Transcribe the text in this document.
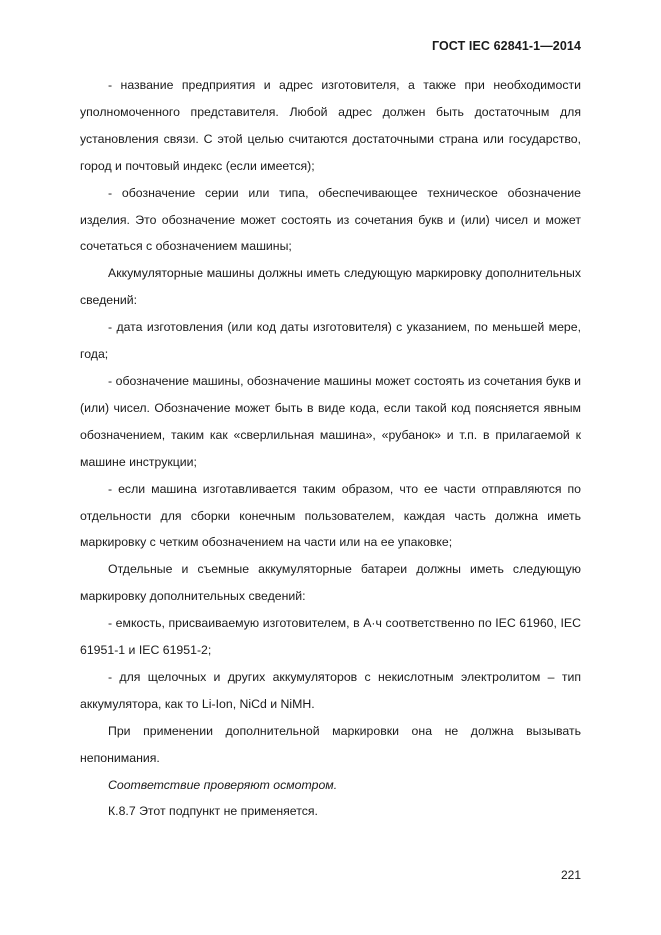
ГОСТ IEC 62841-1—2014

- название предприятия и адрес изготовителя, а также при необходимости уполномоченного представителя. Любой адрес должен быть достаточным для установления связи. С этой целью считаются достаточными страна или государство, город и почтовый индекс (если имеется);

- обозначение серии или типа, обеспечивающее техническое обозначение изделия. Это обозначение может состоять из сочетания букв и (или) чисел и может сочетаться с обозначением машины;

Аккумуляторные машины должны иметь следующую маркировку дополнительных сведений:

- дата изготовления (или код даты изготовителя) с указанием, по меньшей мере, года;

- обозначение машины, обозначение машины может состоять из сочетания букв и (или) чисел. Обозначение может быть в виде кода, если такой код поясняется явным обозначением, таким как «сверлильная машина», «рубанок» и т.п. в прилагаемой к машине инструкции;

- если машина изготавливается таким образом, что ее части отправляются по отдельности для сборки конечным пользователем, каждая часть должна иметь маркировку с четким обозначением на части или на ее упаковке;

Отдельные и съемные аккумуляторные батареи должны иметь следующую маркировку дополнительных сведений:

- емкость, присваиваемую изготовителем, в А·ч соответственно по IEC 61960, IEC 61951-1 и IEC 61951-2;

- для щелочных и других аккумуляторов с некислотным электролитом – тип аккумулятора, как то Li-Ion, NiCd и NiMH.

При применении дополнительной маркировки она не должна вызывать непонимания.

Соответствие проверяют осмотром.

К.8.7 Этот подпункт не применяется.

221
